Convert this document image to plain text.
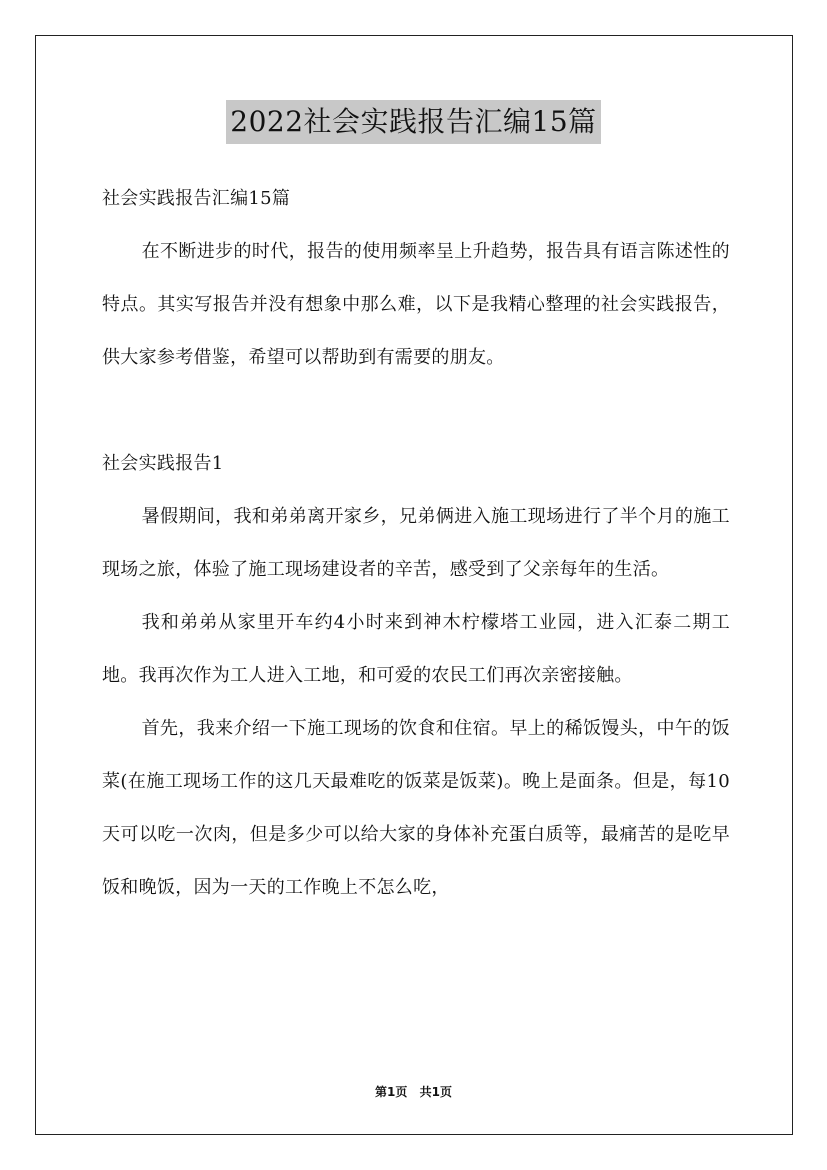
2022社会实践报告汇编15篇

社会实践报告汇编15篇

在不断进步的时代，报告的使用频率呈上升趋势，报告具有语言陈述性的特点。其实写报告并没有想象中那么难，以下是我精心整理的社会实践报告，供大家参考借鉴，希望可以帮助到有需要的朋友。

社会实践报告1

暑假期间，我和弟弟离开家乡，兄弟俩进入施工现场进行了半个月的施工现场之旅，体验了施工现场建设者的辛苦，感受到了父亲每年的生活。

我和弟弟从家里开车约4小时来到神木柠檬塔工业园，进入汇泰二期工地。我再次作为工人进入工地，和可爱的农民工们再次亲密接触。

首先，我来介绍一下施工现场的饮食和住宿。早上的稀饭馒头，中午的饭菜(在施工现场工作的这几天最难吃的饭菜是饭菜)。晚上是面条。但是，每10天可以吃一次肉，但是多少可以给大家的身体补充蛋白质等，最痛苦的是吃早饭和晚饭，因为一天的工作晚上不怎么吃，

第1页 共1页
